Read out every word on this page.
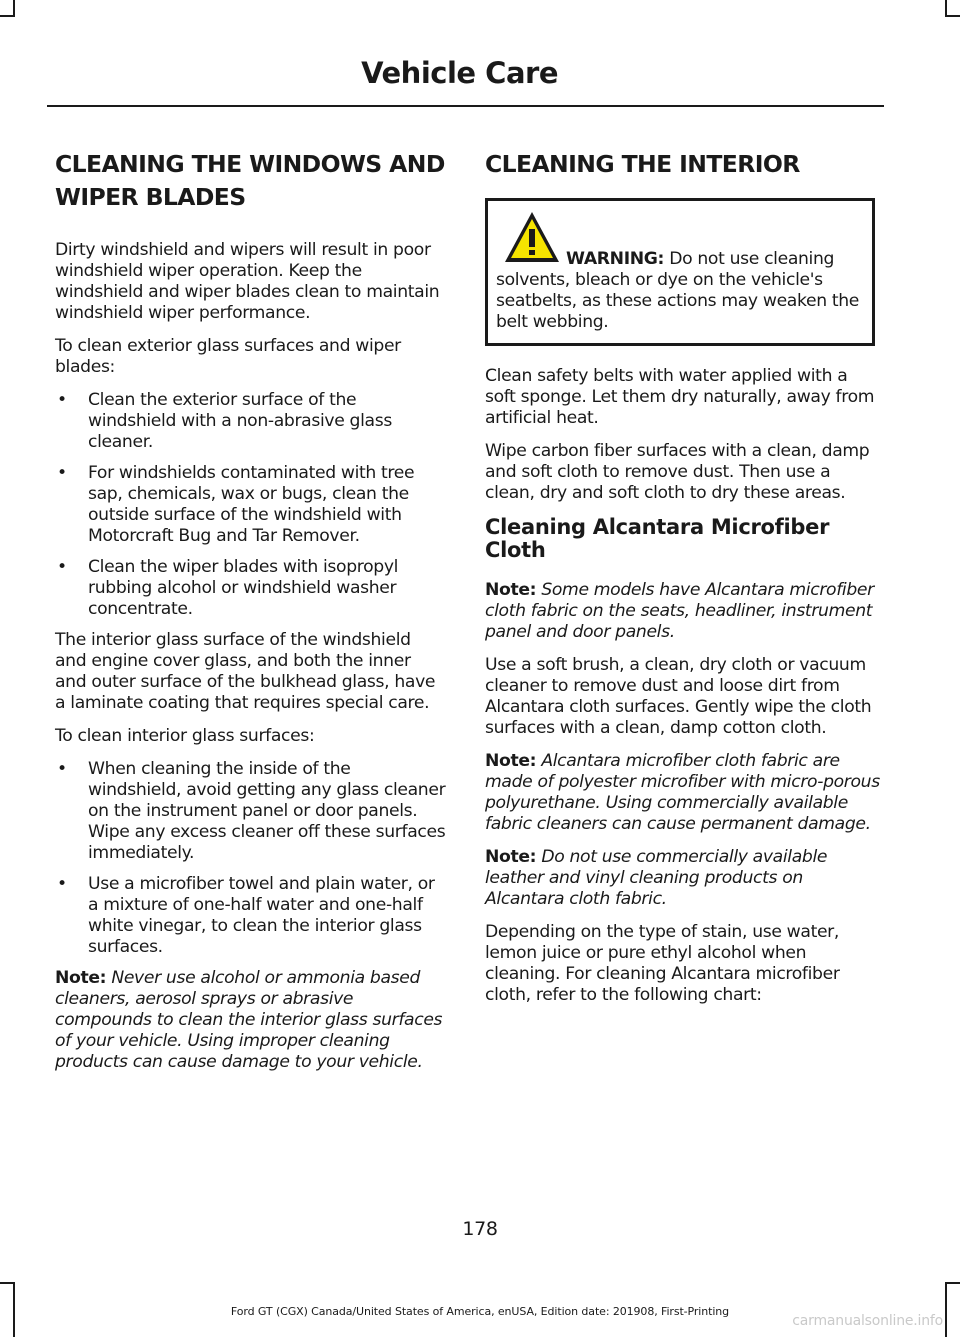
Vehicle Care
CLEANING THE WINDOWS AND
WIPER BLADES

Dirty windshield and wipers will result in poor windshield wiper operation. Keep the windshield and wiper blades clean to maintain windshield wiper performance.

To clean exterior glass surfaces and wiper blades:

• Clean the exterior surface of the windshield with a non-abrasive glass cleaner.
• For windshields contaminated with tree sap, chemicals, wax or bugs, clean the outside surface of the windshield with Motorcraft Bug and Tar Remover.
• Clean the wiper blades with isopropyl rubbing alcohol or windshield washer concentrate.

The interior glass surface of the windshield and engine cover glass, and both the inner and outer surface of the bulkhead glass, have a laminate coating that requires special care.

To clean interior glass surfaces:

• When cleaning the inside of the windshield, avoid getting any glass cleaner on the instrument panel or door panels. Wipe any excess cleaner off these surfaces immediately.
• Use a microfiber towel and plain water, or a mixture of one-half water and one-half white vinegar, to clean the interior glass surfaces.

Note: Never use alcohol or ammonia based cleaners, aerosol sprays or abrasive compounds to clean the interior glass surfaces of your vehicle. Using improper cleaning products can cause damage to your vehicle.

CLEANING THE INTERIOR

WARNING: Do not use cleaning solvents, bleach or dye on the vehicle's seatbelts, as these actions may weaken the belt webbing.

Clean safety belts with water applied with a soft sponge. Let them dry naturally, away from artificial heat.

Wipe carbon fiber surfaces with a clean, damp and soft cloth to remove dust. Then use a clean, dry and soft cloth to dry these areas.

Cleaning Alcantara Microfiber Cloth

Note: Some models have Alcantara microfiber cloth fabric on the seats, headliner, instrument panel and door panels.

Use a soft brush, a clean, dry cloth or vacuum cleaner to remove dust and loose dirt from Alcantara cloth surfaces. Gently wipe the cloth surfaces with a clean, damp cotton cloth.

Note: Alcantara microfiber cloth fabric are made of polyester microfiber with micro-porous polyurethane. Using commercially available fabric cleaners can cause permanent damage.

Note: Do not use commercially available leather and vinyl cleaning products on Alcantara cloth fabric.

Depending on the type of stain, use water, lemon juice or pure ethyl alcohol when cleaning. For cleaning Alcantara microfiber cloth, refer to the following chart:

178
Ford GT (CGX) Canada/United States of America, enUSA, Edition date: 201908, First-Printing
carmanualsonline.info
